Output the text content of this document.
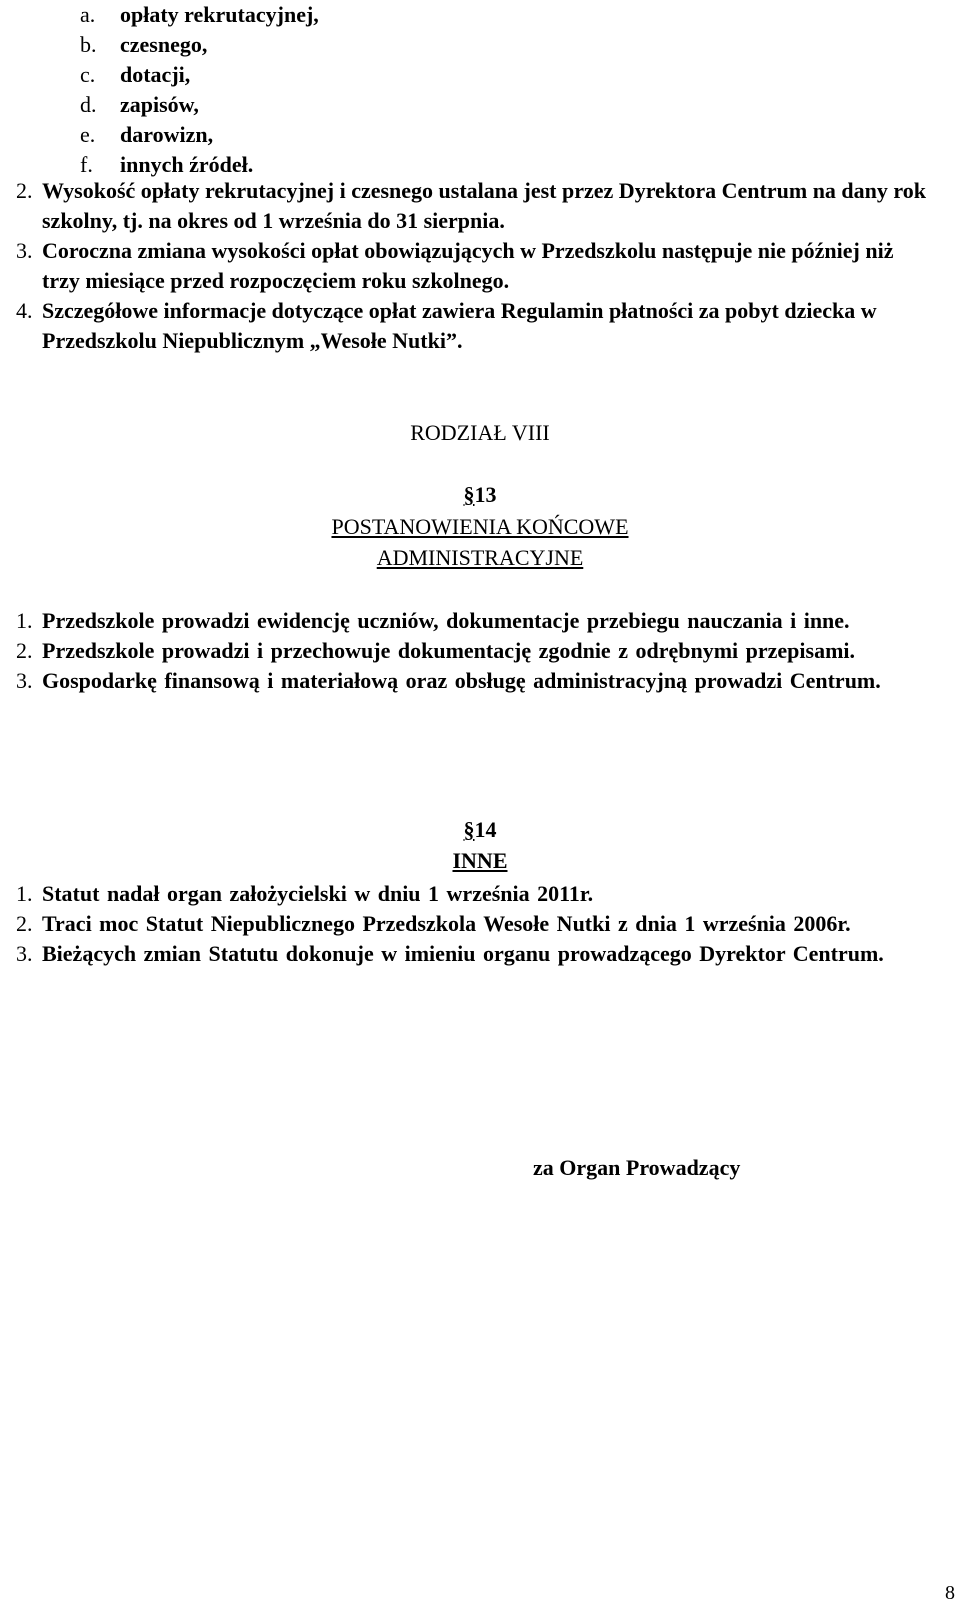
a.	opłaty rekrutacyjnej,
b.	czesnego,
c.	dotacji,
d.	zapisów,
e.	darowizn,
f.	innych źródeł.
2. Wysokość opłaty rekrutacyjnej i czesnego ustalana jest przez Dyrektora Centrum na dany rok szkolny, tj. na okres od 1 września do 31 sierpnia.
3. Coroczna zmiana wysokości opłat obowiązujących w Przedszkolu następuje nie później niż trzy miesiące przed rozpoczęciem roku szkolnego.
4. Szczegółowe informacje dotyczące opłat zawiera Regulamin płatności za pobyt dziecka w Przedszkolu Niepublicznym „Wesołe Nutki”.
RODZIAŁ VIII
§13
POSTANOWIENIA KOŃCOWE
ADMINISTRACYJNE
1. Przedszkole prowadzi ewidencję uczniów, dokumentacje przebiegu nauczania i inne.
2. Przedszkole prowadzi i przechowuje dokumentację zgodnie z odrębnymi przepisami.
3. Gospodarkę finansową i materiałową oraz obsługę administracyjną prowadzi Centrum.
§14
INNE
1. Statut nadał organ założycielski w dniu 1 września 2011r.
2. Traci moc Statut Niepublicznego Przedszkola Wesołe Nutki z dnia 1 września 2006r.
3. Bieżących zmian Statutu dokonuje w imieniu organu prowadzącego Dyrektor Centrum.
za Organ Prowadzący
8
